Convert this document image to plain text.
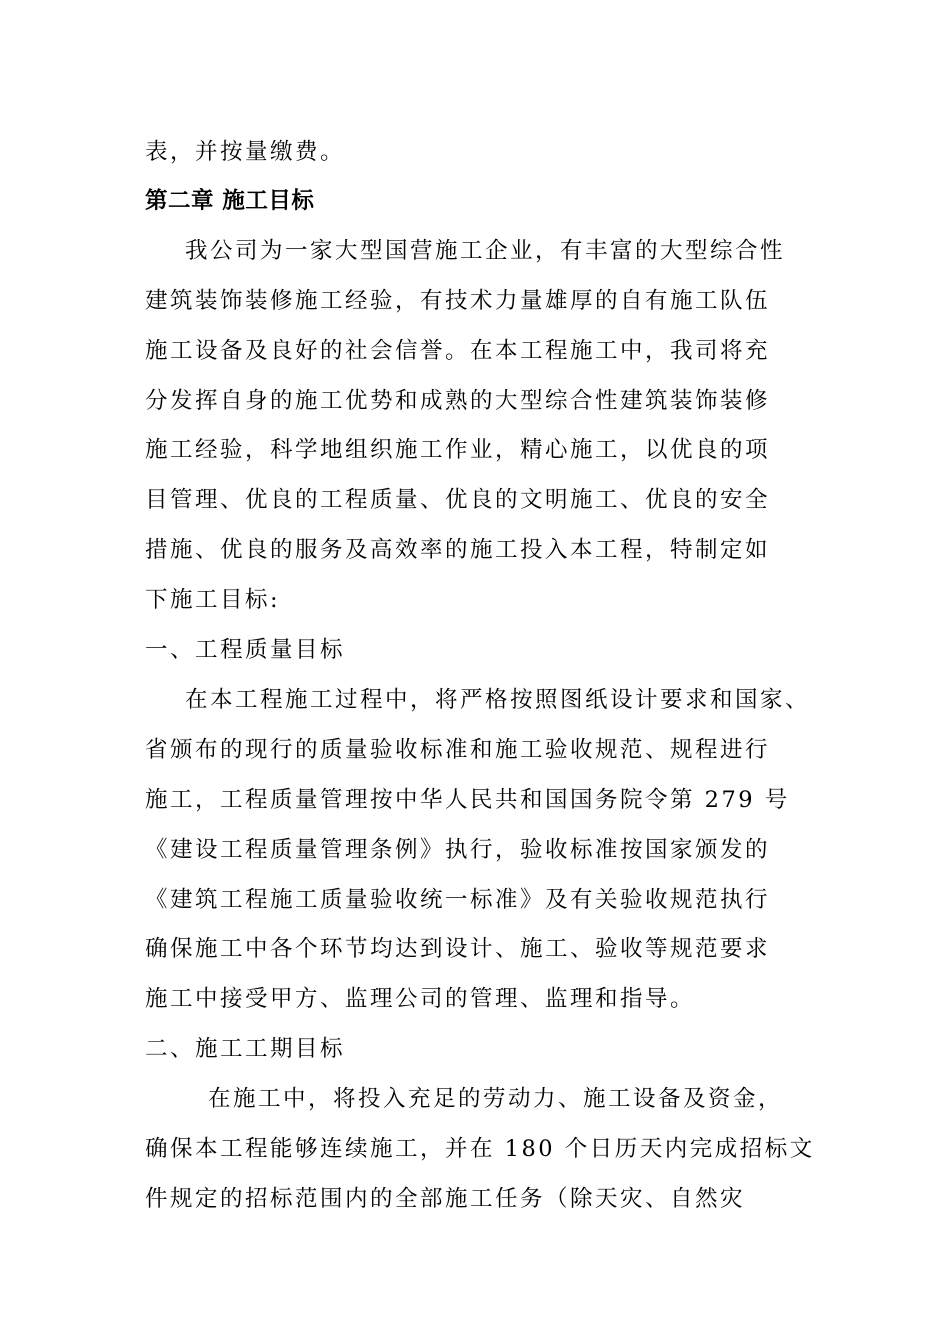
表，并按量缴费。
第二章 施工目标
我公司为一家大型国营施工企业，有丰富的大型综合性
建筑装饰装修施工经验，有技术力量雄厚的自有施工队伍
施工设备及良好的社会信誉。在本工程施工中，我司将充
分发挥自身的施工优势和成熟的大型综合性建筑装饰装修
施工经验，科学地组织施工作业，精心施工，以优良的项
目管理、优良的工程质量、优良的文明施工、优良的安全
措施、优良的服务及高效率的施工投入本工程，特制定如
下施工目标:
一、工程质量目标
在本工程施工过程中，将严格按照图纸设计要求和国家、
省颁布的现行的质量验收标准和施工验收规范、规程进行
施工，工程质量管理按中华人民共和国国务院令第 279 号
《建设工程质量管理条例》执行，验收标准按国家颁发的
《建筑工程施工质量验收统一标准》及有关验收规范执行
确保施工中各个环节均达到设计、施工、验收等规范要求
施工中接受甲方、监理公司的管理、监理和指导。
二、施工工期目标
在施工中，将投入充足的劳动力、施工设备及资金，
确保本工程能够连续施工，并在 180 个日历天内完成招标文
件规定的招标范围内的全部施工任务（除天灾、自然灾
